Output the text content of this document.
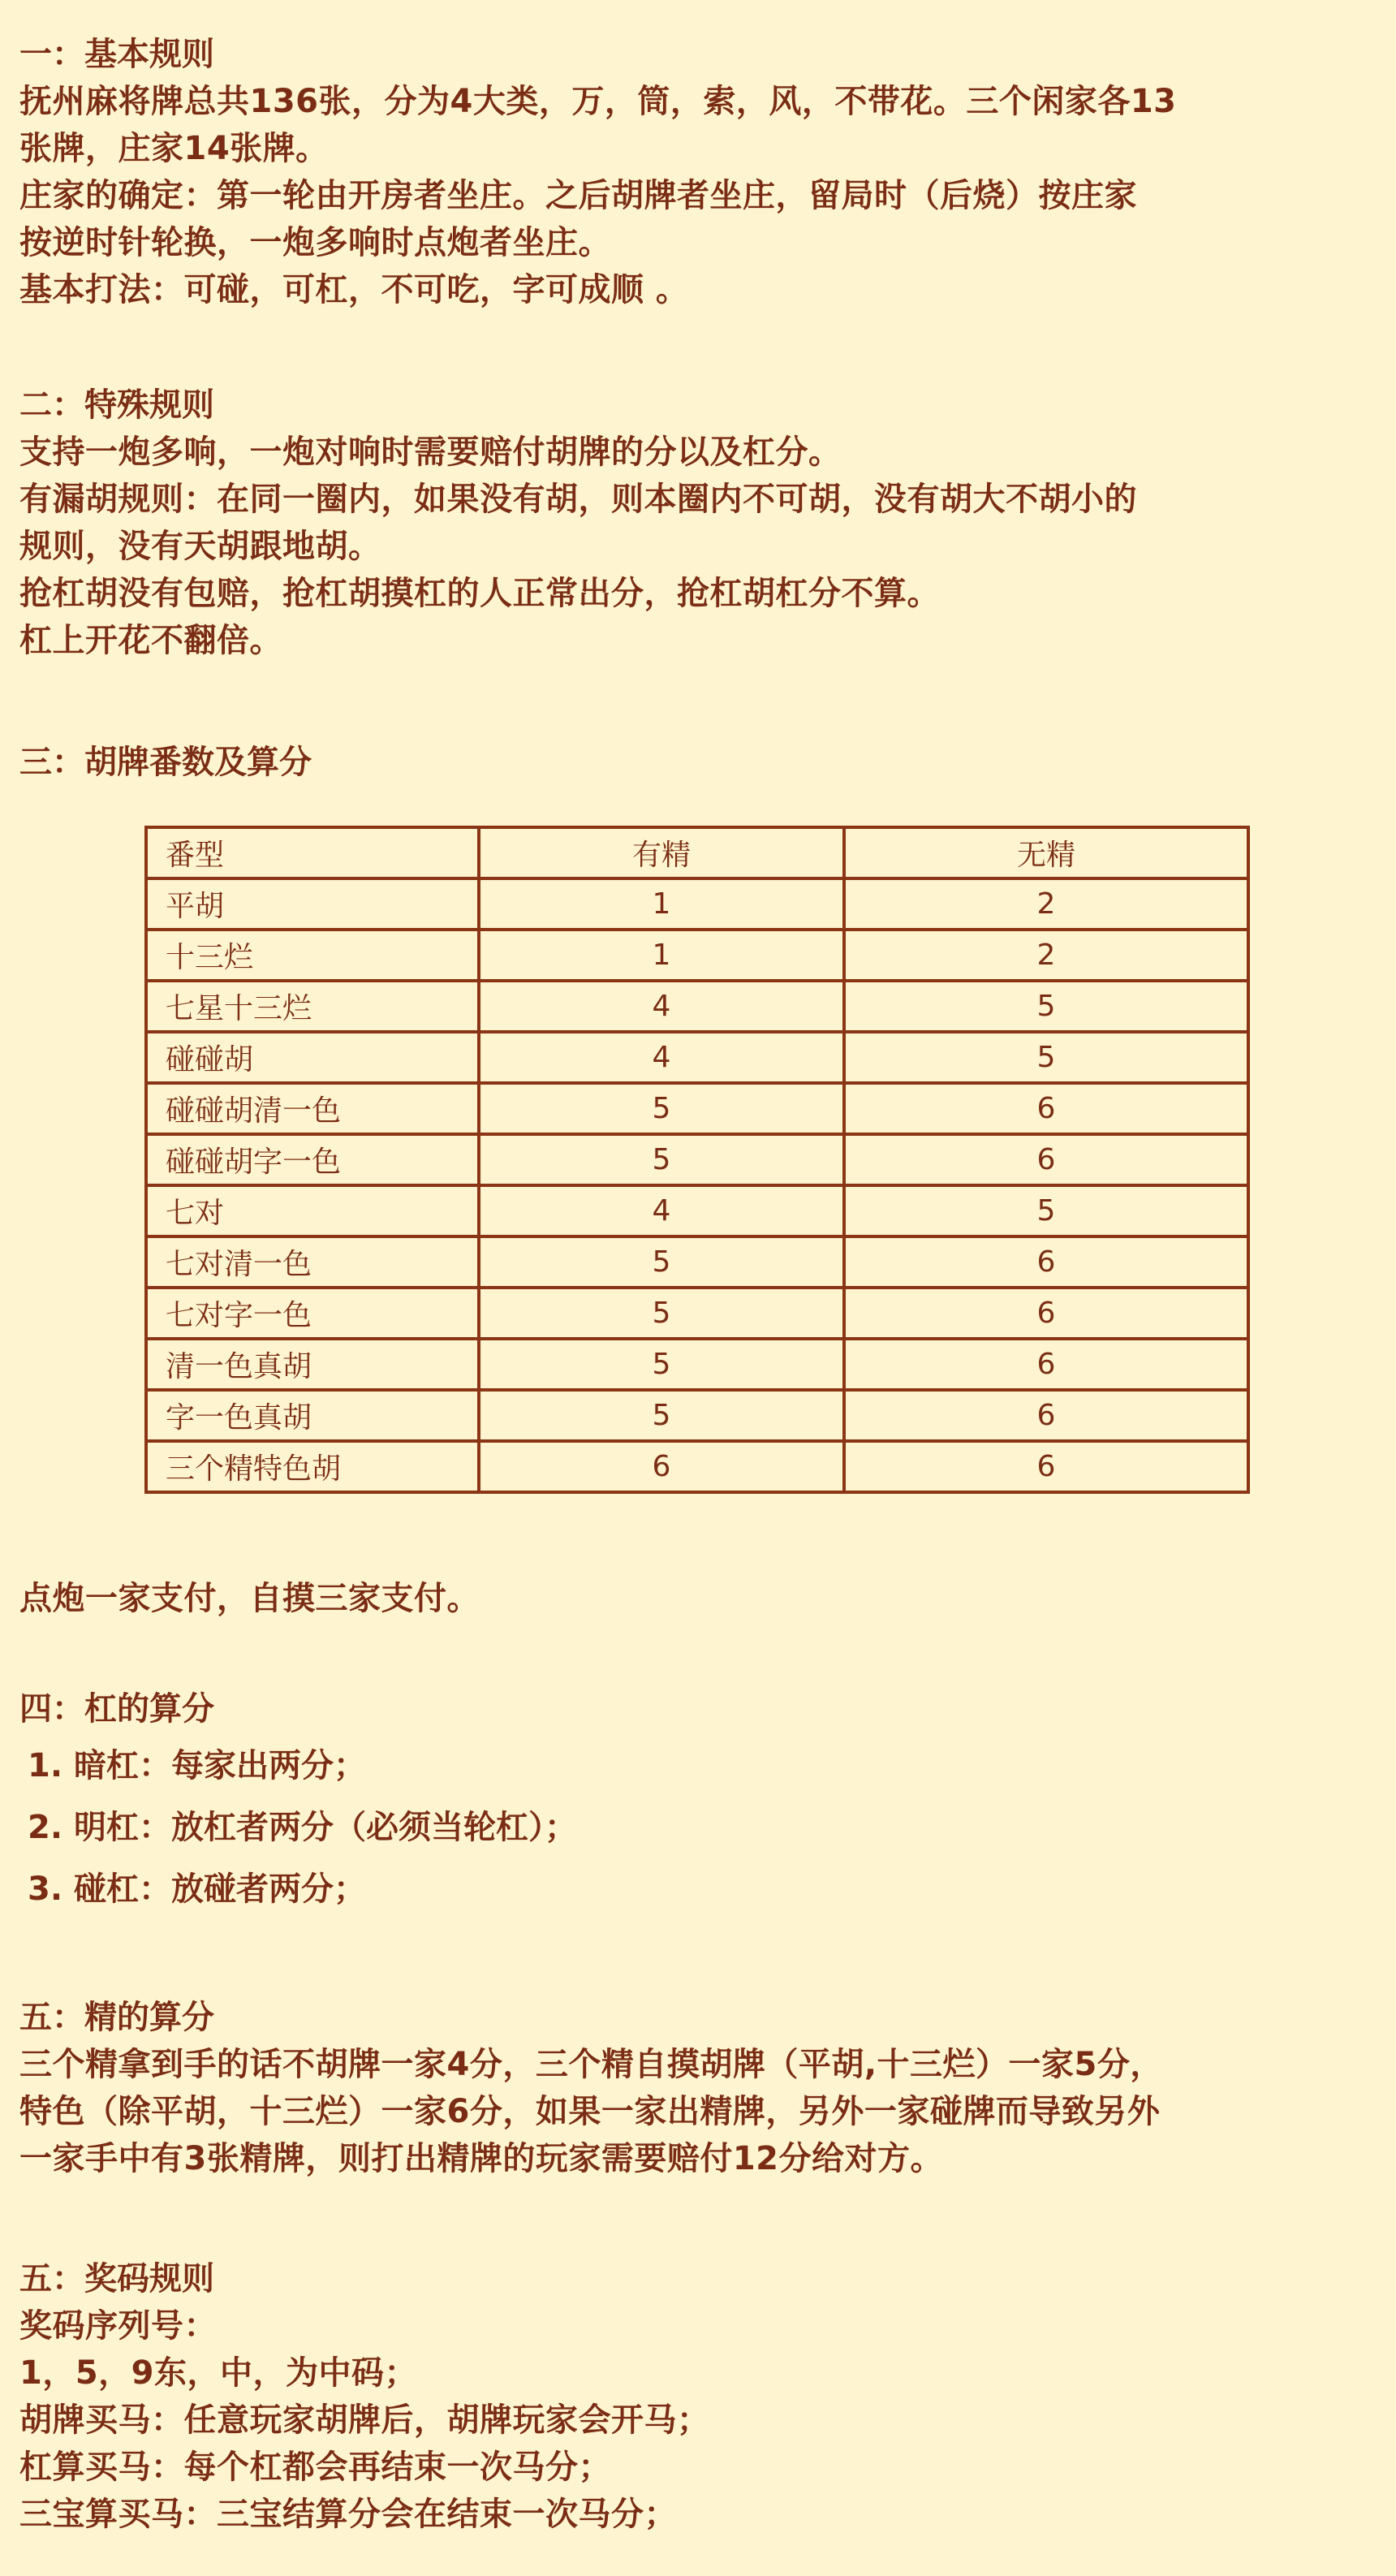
一：基本规则
抚州麻将牌总共136张，分为4大类，万，筒，索，风，不带花。三个闲家各13
张牌，庄家14张牌。
庄家的确定：第一轮由开房者坐庄。之后胡牌者坐庄，留局时（后烧）按庄家
按逆时针轮换，一炮多响时点炮者坐庄。
基本打法：可碰，可杠，不可吃，字可成顺 。
二：特殊规则
支持一炮多响，一炮对响时需要赔付胡牌的分以及杠分。
有漏胡规则：在同一圈内，如果没有胡，则本圈内不可胡，没有胡大不胡小的
规则，没有天胡跟地胡。
抢杠胡没有包赔，抢杠胡摸杠的人正常出分，抢杠胡杠分不算。
杠上开花不翻倍。
三：胡牌番数及算分
番型	有精	无精
平胡	1	2
十三烂	1	2
七星十三烂	4	5
碰碰胡	4	5
碰碰胡清一色	5	6
碰碰胡字一色	5	6
七对	4	5
七对清一色	5	6
七对字一色	5	6
清一色真胡	5	6
字一色真胡	5	6
三个精特色胡	6	6
点炮一家支付，自摸三家支付。
四：杠的算分
1. 暗杠：每家出两分；
2. 明杠：放杠者两分（必须当轮杠）；
3. 碰杠：放碰者两分；
五：精的算分
三个精拿到手的话不胡牌一家4分，三个精自摸胡牌（平胡,十三烂）一家5分，
特色（除平胡，十三烂）一家6分，如果一家出精牌，另外一家碰牌而导致另外
一家手中有3张精牌，则打出精牌的玩家需要赔付12分给对方。
五：奖码规则
奖码序列号：
1，5，9东，中，为中码；
胡牌买马：任意玩家胡牌后，胡牌玩家会开马；
杠算买马：每个杠都会再结束一次马分；
三宝算买马：三宝结算分会在结束一次马分；
